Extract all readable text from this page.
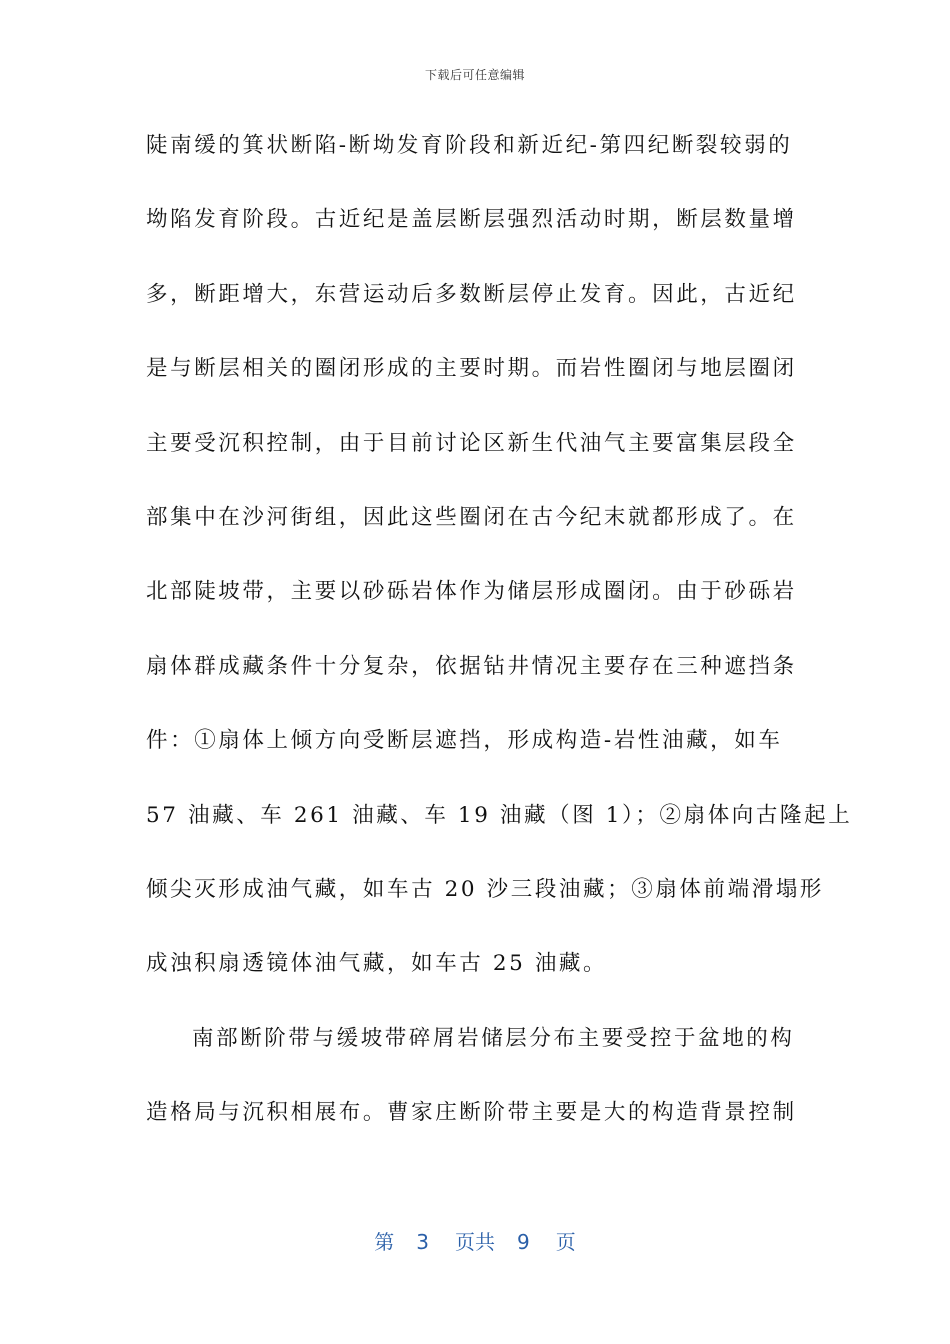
下载后可任意编辑
陡南缓的箕状断陷-断坳发育阶段和新近纪-第四纪断裂较弱的
坳陷发育阶段。古近纪是盖层断层强烈活动时期，断层数量增
多，断距增大，东营运动后多数断层停止发育。因此，古近纪
是与断层相关的圈闭形成的主要时期。而岩性圈闭与地层圈闭
主要受沉积控制，由于目前讨论区新生代油气主要富集层段全
部集中在沙河街组，因此这些圈闭在古今纪末就都形成了。在
北部陡坡带，主要以砂砾岩体作为储层形成圈闭。由于砂砾岩
扇体群成藏条件十分复杂，依据钻井情况主要存在三种遮挡条
件：①扇体上倾方向受断层遮挡，形成构造-岩性油藏，如车
57 油藏、车 261 油藏、车 19 油藏（图 1）；②扇体向古隆起上
倾尖灭形成油气藏，如车古 20 沙三段油藏；③扇体前端滑塌形
成浊积扇透镜体油气藏，如车古 25 油藏。
南部断阶带与缓坡带碎屑岩储层分布主要受控于盆地的构
造格局与沉积相展布。曹家庄断阶带主要是大的构造背景控制
第 3 页共 9 页
